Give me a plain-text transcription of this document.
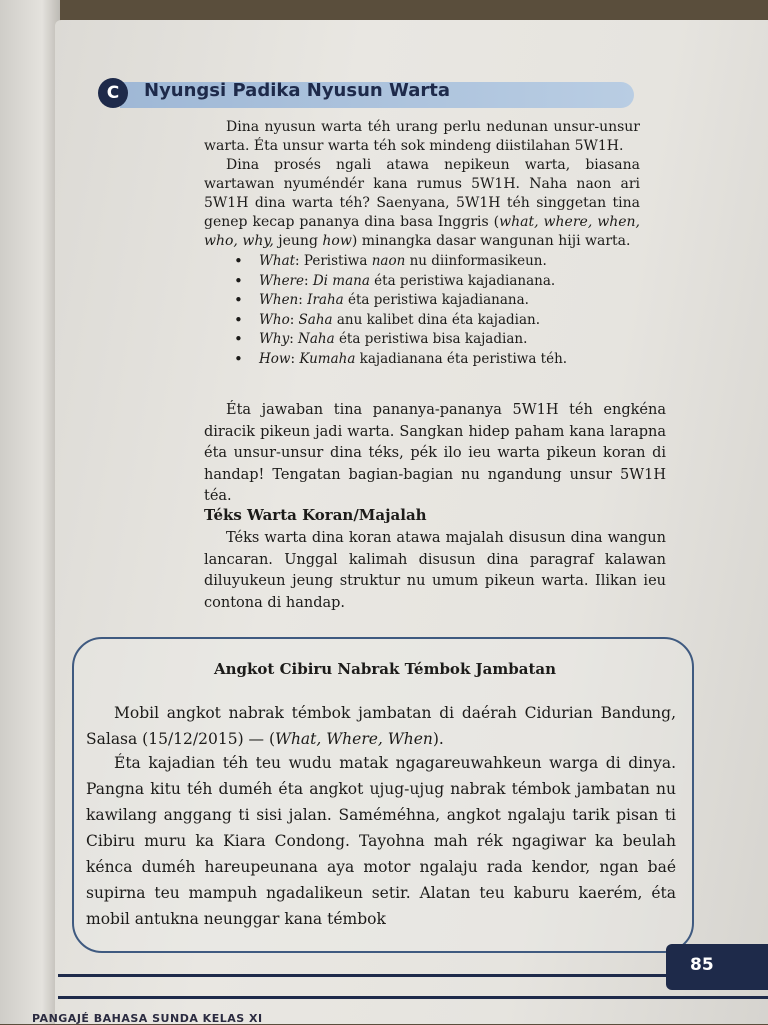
C	Nyungsi Padika Nyusun Warta

Dina nyusun warta téh urang perlu nedunan unsur-unsur warta. Éta unsur warta téh sok mindeng diistilahan 5W1H.

Dina prosés ngali atawa nepikeun warta, biasana wartawan nyuméndér kana rumus 5W1H. Naha naon ari 5W1H dina warta téh? Saenyana, 5W1H téh singgetan tina genep kecap pananya dina basa Inggris (what, where, when, who, why, jeung how) minangka dasar wangunan hiji warta.

• What: Peristiwa naon nu diinformasikeun.
• Where: Di mana éta peristiwa kajadianana.
• When: Iraha éta peristiwa kajadianana.
• Who: Saha anu kalibet dina éta kajadian.
• Why: Naha éta peristiwa bisa kajadian.
• How: Kumaha kajadianana éta peristiwa téh.

Éta jawaban tina pananya-pananya 5W1H téh engkéna diracik pikeun jadi warta. Sangkan hidep paham kana larapna éta unsur-unsur dina téks, pék ilo ieu warta pikeun koran di handap! Tengatan bagian-bagian nu ngandung unsur 5W1H téa.

Téks Warta Koran/Majalah

Téks warta dina koran atawa majalah disusun dina wangun lancaran. Unggal kalimah disusun dina paragraf kalawan diluyukeun jeung struktur nu umum pikeun warta. Ilikan ieu contona di handap.

Angkot Cibiru Nabrak Témbok Jambatan

Mobil angkot nabrak témbok jambatan di daérah Cidurian Bandung, Salasa (15/12/2015) — (What, Where, When).

Éta kajadian téh teu wudu matak ngagareuwahkeun warga di dinya. Pangna kitu téh duméh éta angkot ujug-ujug nabrak témbok jambatan nu kawilang anggang ti sisi jalan. Saméméhna, angkot ngalaju tarik pisan ti Cibiru muru ka Kiara Condong. Tayohna mah rék ngagiwar ka beulah kénca duméh hareupeunana aya motor ngalaju rada kendor, ngan baé supirna teu mampuh ngadalikeun setir. Alatan teu kaburu kaerém, éta mobil antukna neunggar kana témbok

85
PANGAJÉ BAHASA SUNDA KELAS XI
